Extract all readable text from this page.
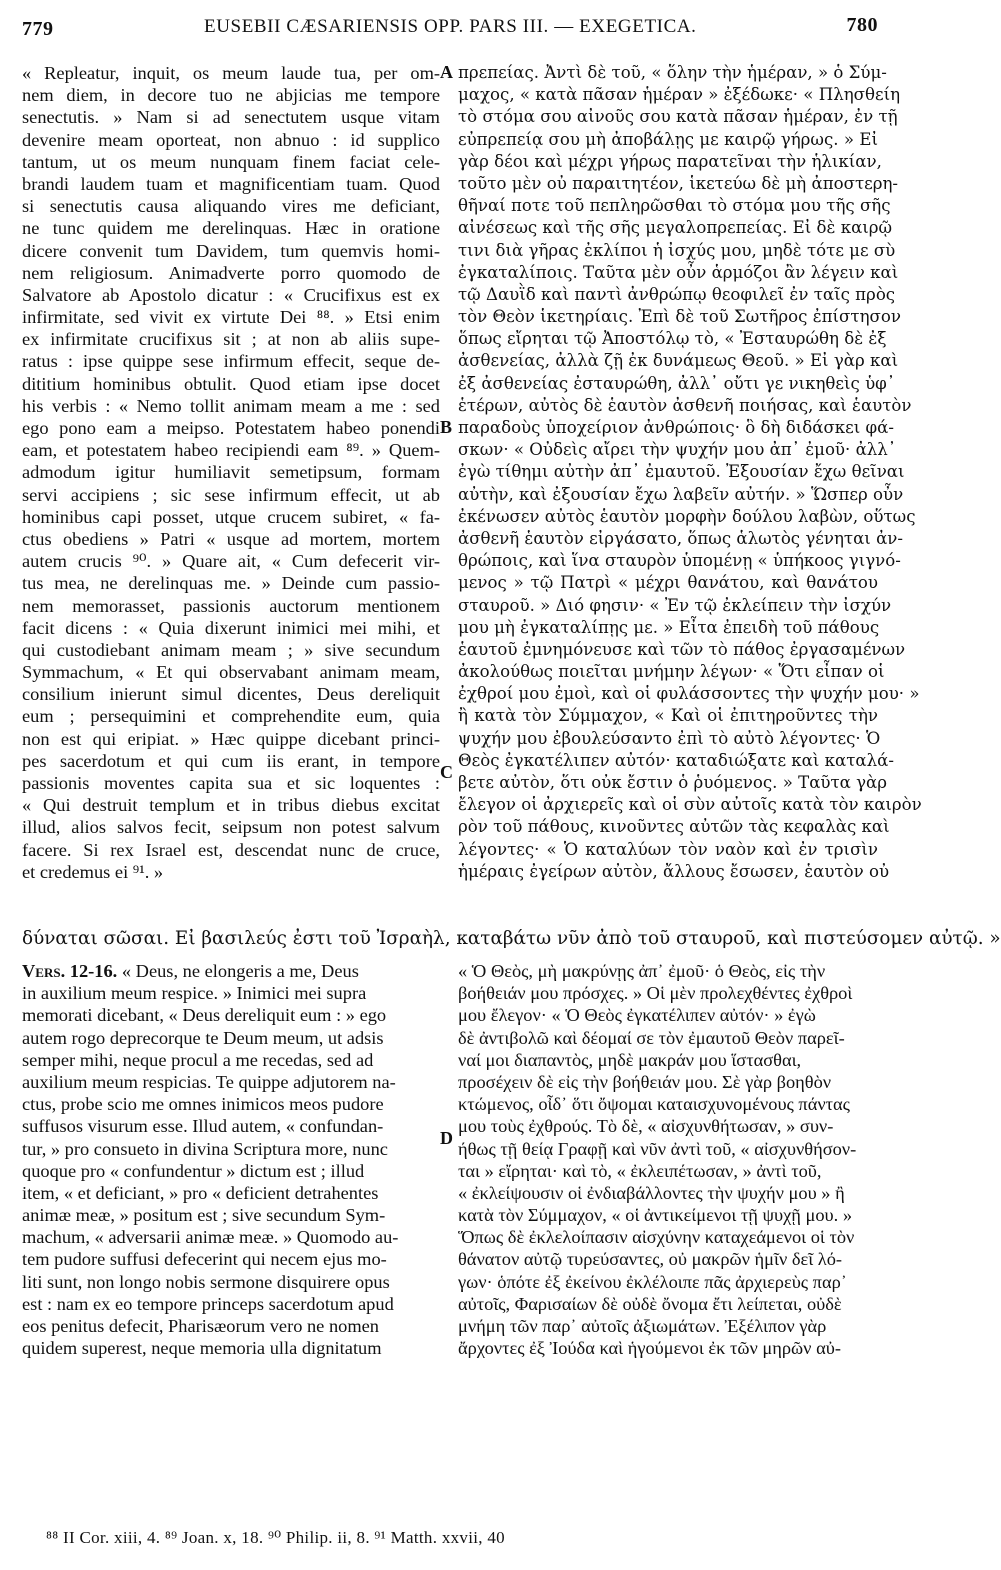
779	EUSEBII CÆSARIENSIS OPP. PARS III. — EXEGETICA.	780
« Repleatur, inquit, os meum laude tua, per om-
nem diem, in decore tuo ne abjicias me tempore
senectutis. » Nam si ad senectutem usque vitam
devenire meam oporteat, non abnuo : id supplico
tantum, ut os meum nunquam finem faciat cele-
brandi laudem tuam et magnificentiam tuam. Quod
si senectutis causa aliquando vires me deficiant,
ne tunc quidem me derelinquas. Hæc in oratione
dicere convenit tum Davidem, tum quemvis homi-
nem religiosum. Animadverte porro quomodo de
Salvatore ab Apostolo dicatur : « Crucifixus est ex
infirmitate, sed vivit ex virtute Dei ⁸⁸. » Etsi enim
ex infirmitate crucifixus sit ; at non ab aliis supe-
ratus : ipse quippe sese infirmum effecit, seque de-
dititium hominibus obtulit. Quod etiam ipse docet
his verbis : « Nemo tollit animam meam a me : sed
ego pono eam a meipso. Potestatem habeo ponendi
eam, et potestatem habeo recipiendi eam ⁸⁹. » Quem-
admodum igitur humiliavit semetipsum, formam
servi accipiens ; sic sese infirmum effecit, ut ab
hominibus capi posset, utque crucem subiret, « fa-
ctus obediens » Patri « usque ad mortem, mortem
autem crucis ⁹⁰. » Quare ait, « Cum defecerit vir-
tus mea, ne derelinquas me. » Deinde cum passio-
nem memorasset, passionis auctorum mentionem
facit dicens : « Quia dixerunt inimici mei mihi, et
qui custodiebant animam meam ; » sive secundum
Symmachum, « Et qui observabant animam meam,
consilium inierunt simul dicentes, Deus dereliquit
eum ; persequimini et comprehendite eum, quia
non est qui eripiat. » Hæc quippe dicebant princi-
pes sacerdotum et qui cum iis erant, in tempore
passionis moventes capita sua et sic loquentes :
« Qui destruit templum et in tribus diebus excitat
illud, alios salvos fecit, seipsum non potest salvum
facere. Si rex Israel est, descendat nunc de cruce,
et credemus ei ⁹¹. »
πρεπείας. Ἀντὶ δὲ τοῦ, « ὅλην τὴν ἡμέραν, » ὁ Σύμ-
μαχος, « κατὰ πᾶσαν ἡμέραν » ἐξέδωκε· « Πλησθείη
τὸ στόμα σου αἰνοῦς σου κατὰ πᾶσαν ἡμέραν, ἐν τῇ
εὐπρεπείᾳ σου μὴ ἀποβάλῃς με καιρῷ γήρως. » Εἰ
γὰρ δέοι καὶ μέχρι γήρως παρατεῖναι τὴν ἡλικίαν,
τοῦτο μὲν οὐ παραιτητέον, ἱκετεύω δὲ μὴ ἀποστερη-
θῆναί ποτε τοῦ πεπληρῶσθαι τὸ στόμα μου τῆς σῆς
αἰνέσεως καὶ τῆς σῆς μεγαλοπρεπείας. Εἰ δὲ καιρῷ
τινι διὰ γῆρας ἐκλίποι ἡ ἰσχύς μου, μηδὲ τότε με σὺ
ἐγκαταλίποις. Ταῦτα μὲν οὖν ἁρμόζοι ἂν λέγειν καὶ
τῷ Δαυῒδ καὶ παντὶ ἀνθρώπῳ θεοφιλεῖ ἐν ταῖς πρὸς
τὸν Θεὸν ἱκετηρίαις. Ἐπὶ δὲ τοῦ Σωτῆρος ἐπίστησον
ὅπως εἴρηται τῷ Ἀποστόλῳ τὸ, « Ἐσταυρώθη δὲ ἐξ
ἀσθενείας, ἀλλὰ ζῇ ἐκ δυνάμεως Θεοῦ. » Εἰ γὰρ καὶ
ἐξ ἀσθενείας ἐσταυρώθη, ἀλλ᾽ οὔτι γε νικηθεὶς ὑφ᾽
ἑτέρων, αὐτὸς δὲ ἑαυτὸν ἀσθενῆ ποιήσας, καὶ ἑαυτὸν
παραδοὺς ὑποχείριον ἀνθρώποις· ὃ δὴ διδάσκει φά-
σκων· « Οὐδεὶς αἴρει τὴν ψυχήν μου ἀπ᾽ ἐμοῦ· ἀλλ᾽
ἐγὼ τίθημι αὐτὴν ἀπ᾽ ἐμαυτοῦ. Ἐξουσίαν ἔχω θεῖναι
αὐτὴν, καὶ ἐξουσίαν ἔχω λαβεῖν αὐτήν. » Ὥσπερ οὖν
ἐκένωσεν αὐτὸς ἑαυτὸν μορφὴν δούλου λαβὼν, οὕτως
ἀσθενῆ ἑαυτὸν εἰργάσατο, ὅπως ἁλωτὸς γένηται ἀν-
θρώποις, καὶ ἵνα σταυρὸν ὑπομένῃ « ὑπήκοος γιγνό-
μενος » τῷ Πατρὶ « μέχρι θανάτου, καὶ θανάτου
σταυροῦ. » Διό φησιν· « Ἐν τῷ ἐκλείπειν τὴν ἰσχύν
μου μὴ ἐγκαταλίπῃς με. » Εἶτα ἐπειδὴ τοῦ πάθους
ἑαυτοῦ ἐμνημόνευσε καὶ τῶν τὸ πάθος ἐργασαμένων
ἀκολούθως ποιεῖται μνήμην λέγων· « Ὅτι εἶπαν οἱ
ἐχθροί μου ἐμοὶ, καὶ οἱ φυλάσσοντες τὴν ψυχήν μου· »
ἢ κατὰ τὸν Σύμμαχον, « Καὶ οἱ ἐπιτηροῦντες τὴν
ψυχήν μου ἐβουλεύσαντο ἐπὶ τὸ αὐτὸ λέγοντες· Ὁ
Θεὸς ἐγκατέλιπεν αὐτόν· καταδιώξατε καὶ καταλά-
βετε αὐτὸν, ὅτι οὐκ ἔστιν ὁ ῥυόμενος. » Ταῦτα γὰρ
ἔλεγον οἱ ἀρχιερεῖς καὶ οἱ σὺν αὐτοῖς κατὰ τὸν καιρὸν
ρὸν τοῦ πάθους, κινοῦντες αὐτῶν τὰς κεφαλὰς καὶ
λέγοντες· « Ὁ καταλύων τὸν ναὸν καὶ ἐν τρισὶν
ἡμέραις ἐγείρων αὐτὸν, ἄλλους ἔσωσεν, ἑαυτὸν οὐ
A
B
C
D
δύναται σῶσαι. Εἰ βασιλεύς ἐστι τοῦ Ἰσραὴλ, καταβάτω νῦν ἀπὸ τοῦ σταυροῦ, καὶ πιστεύσομεν αὐτῷ. »
Vers. 12-16. « Deus, ne elongeris a me, Deus
in auxilium meum respice. » Inimici mei supra
memorati dicebant, « Deus dereliquit eum : » ego
autem rogo deprecorque te Deum meum, ut adsis
semper mihi, neque procul a me recedas, sed ad
auxilium meum respicias. Te quippe adjutorem na-
ctus, probe scio me omnes inimicos meos pudore
suffusos visurum esse. Illud autem, « confundan-
tur, » pro consueto in divina Scriptura more, nunc
quoque pro « confundentur » dictum est ; illud
item, « et deficiant, » pro « deficient detrahentes
animæ meæ, » positum est ; sive secundum Sym-
machum, « adversarii animæ meæ. » Quomodo au-
tem pudore suffusi defecerint qui necem ejus mo-
liti sunt, non longo nobis sermone disquirere opus
est : nam ex eo tempore princeps sacerdotum apud
eos penitus defecit, Pharisæorum vero ne nomen
quidem superest, neque memoria ulla dignitatum
« Ὁ Θεὸς, μὴ μακρύνῃς ἀπ᾽ ἐμοῦ· ὁ Θεὸς, εἰς τὴν
βοήθειάν μου πρόσχες. » Οἱ μὲν προλεχθέντες ἐχθροὶ
μου ἔλεγον· « Ὁ Θεὸς ἐγκατέλιπεν αὐτόν· » ἐγὼ
δὲ ἀντιβολῶ καὶ δέομαί σε τὸν ἐμαυτοῦ Θεὸν παρεῖ-
ναί μοι διαπαντὸς, μηδὲ μακράν μου ἵστασθαι,
προσέχειν δὲ εἰς τὴν βοήθειάν μου. Σὲ γὰρ βοηθὸν
κτώμενος, οἶδ᾽ ὅτι ὄψομαι καταισχυνομένους πάντας
μου τοὺς ἐχθρούς. Τὸ δὲ, « αἰσχυνθήτωσαν, » συν-
ήθως τῇ θείᾳ Γραφῇ καὶ νῦν ἀντὶ τοῦ, « αἰσχυνθήσον-
ται » εἴρηται· καὶ τὸ, « ἐκλειπέτωσαν, » ἀντὶ τοῦ,
« ἐκλείψουσιν οἱ ἐνδιαβάλλοντες τὴν ψυχήν μου » ἢ
κατὰ τὸν Σύμμαχον, « οἱ ἀντικείμενοι τῇ ψυχῇ μου. »
Ὅπως δὲ ἐκλελοίπασιν αἰσχύνην καταχεάμενοι οἱ τὸν
θάνατον αὐτῷ τυρεύσαντες, οὐ μακρῶν ἡμῖν δεῖ λό-
γων· ὁπότε ἐξ ἐκείνου ἐκλέλοιπε πᾶς ἀρχιερεὺς παρ᾽
αὐτοῖς, Φαρισαίων δὲ οὐδὲ ὄνομα ἔτι λείπεται, οὐδὲ
μνήμη τῶν παρ᾽ αὐτοῖς ἀξιωμάτων. Ἐξέλιπον γὰρ
ἄρχοντες ἐξ Ἰούδα καὶ ἡγούμενοι ἐκ τῶν μηρῶν αὐ-
⁸⁸ II Cor. xiii, 4. ⁸⁹ Joan. x, 18. ⁹⁰ Philip. ii, 8. ⁹¹ Matth. xxvii, 40
